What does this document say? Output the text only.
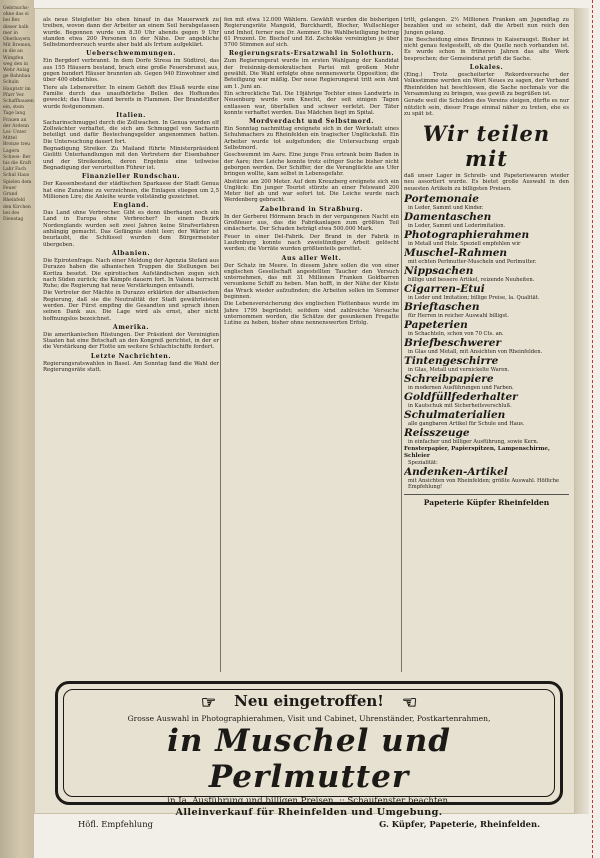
Gebrauchs-ohne das si bei Ber. dieser halb mer in Oberbayern Mit Bremen, in die an Wimpfen weg den in Wehr Anlag ge Bahnbau Schuln Hauptstr im Pfarr Ver. Schaffhausen ein, stein Tage lang Frauen an der Ardenn Lei- Unter Mittel Bronze treu Lagern Schwei- Ber bis die Kraft Lahr Fach Schul Haus Spielen dem Feuer Grund Rheinfeld den Kirchen bei des Dienstag

als neue Steigleiter bis oben hinauf in das Mauerwerk zu treiben, wovon dann der Arbeiter an einem Seil herabgelassen wurde. Begonnen wurde um 8.30 Uhr abends gegen 9 Uhr standen etwa 200 Personen in der Nähe. Der angebliche Selbstmordversuch wurde aber bald als Irrtum aufgeklärt.
Ueberschwemmungen.
Ein Bergdorf verbrannt. In dem Dorfe Stresa im Südtirol, das aus 155 Häusern bestand, brach eine große Feuersbrunst aus, gegen hundert Häuser brannten ab. Gegen 940 Einwohner sind über 400 obdachlos.
Tiere als Lebensretter. In einem Gehöft des Elsaß wurde eine Familie durch das unaufhörliche Bellen des Hofhundes geweckt; das Haus stand bereits in Flammen. Der Brandstifter wurde festgenommen.
Italien.
Sacharinschmuggel durch die Zollwachen. In Genua wurden elf Zollwächter verhaftet, die sich am Schmuggel von Sacharin beteiligt und dafür Bestechungsgelder angenommen hatten. Die Untersuchung dauert fort.
Begnadigung Streiker. Zu Mailand führte Ministerpräsident Giolitti Unterhandlungen mit den Vertretern der Eisenbahner und der Streikenden, deren Ergebnis eine teilweise Begnadigung der verurteilten Führer ist.
Finanzieller Rundschau.
Der Kassenbestand der städtischen Sparkasse der Stadt Genua hat eine Zunahme zu verzeichnen, die Einlagen stiegen um 2,5 Millionen Lire; die Anleihe wurde vollständig gezeichnet.
England.
Das Land ohne Verbrecher. Gibt es denn überhaupt noch ein Land in Europa ohne Verbrecher? In einem Bezirk Nordenglands wurden seit zwei Jahren keine Strafverfahren anhängig gemacht. Das Gefängnis steht leer; der Wärter ist beurlaubt, die Schlüssel wurden dem Bürgermeister übergeben.
Albanien.
Die Epirotenfrage. Nach einer Meldung der Agenzia Stefani aus Durazzo haben die albanischen Truppen die Stellungen bei Koritza besetzt. Die epirotischen Aufständischen zogen sich nach Süden zurück; die Kämpfe dauern fort. In Valona herrscht Ruhe; die Regierung hat neue Verstärkungen entsandt.
Die Vertreter der Mächte in Durazzo erklärten der albanischen Regierung, daß sie die Neutralität der Stadt gewährleisten werden. Der Fürst empfing die Gesandten und sprach ihnen seinen Dank aus. Die Lage wird als ernst, aber nicht hoffnungslos bezeichnet.
Amerika.
Die amerikanischen Rüstungen. Der Präsident der Vereinigten Staaten hat eine Botschaft an den Kongreß gerichtet, in der er die Verstärkung der Flotte um weitere Schlachtschiffe fordert.
Letzte Nachrichten.
Regierungsratswahlen in Basel. Am Sonntag fand die Wahl der Regierungsräte statt.
fen mit etwa 12.000 Wählern. Gewählt wurden die bisherigen Regierungsräte Mangold, Burckhardt, Blocher, Wullschleger und Imhof, ferner neu Dr. Aemmer. Die Wahlbeteiligung betrug 61 Prozent. Dr. Bischof und Ed. Zschokke vereinigten je über 5700 Stimmen auf sich.
Regierungsrats-Ersatzwahl in Solothurn.
Zum Regierungsrat wurde im ersten Wahlgang der Kandidat der freisinnig-demokratischen Partei mit großem Mehr gewählt. Die Wahl erfolgte ohne nennenswerte Opposition; die Beteiligung war mäßig. Der neue Regierungsrat tritt sein Amt am 1. Juni an.
Ein schreckliche Tat. Die 19jährige Tochter eines Landwirts in Neuenburg wurde vom Knecht, der seit einigen Tagen entlassen war, überfallen und schwer verletzt. Der Täter konnte verhaftet werden. Das Mädchen liegt im Spital.
Mordverdacht und Selbstmord.
Ein Sonntag nachmittag ereignete sich in der Werkstatt eines Schuhmachers zu Rheinfelden ein tragischer Unglücksfall. Ein Arbeiter wurde tot aufgefunden; die Untersuchung ergab Selbstmord.
Geschwemmt im Aare. Eine junge Frau ertrank beim Baden in der Aare; ihre Leiche konnte trotz eifriger Suche bisher nicht geborgen werden. Der Schiffer, der die Verunglückte ans Ufer bringen wollte, kam selbst in Lebensgefahr.
Abstürze am 200 Meter. Auf dem Kreuzberg ereignete sich ein Unglück: Ein junger Tourist stürzte an einer Felswand 200 Meter tief ab und war sofort tot. Die Leiche wurde nach Werdenberg gebracht.
Zabelbrand in Straßburg.
In der Gerberei Hörmann brach in der vergangenen Nacht ein Großfeuer aus, das die Fabrikanlagen zum größten Teil einäscherte. Der Schaden beträgt etwa 500.000 Mark.
Feuer in einer Del-Fabrik. Der Brand in der Fabrik in Laufenburg konnte nach zweistündiger Arbeit gelöscht werden; die Vorräte wurden größtenteils gerettet.
Aus aller Welt.
Der Schatz im Meere. In diesem Jahre sollen die von einer englischen Gesellschaft angestellten Taucher den Versuch unternehmen, das mit 31 Millionen Franken Goldbarren versunkene Schiff zu heben. Man hofft, in der Nähe der Küste das Wrack wieder aufzufinden; die Arbeiten sollen im Sommer beginnen.
Die Lebensversicherung des englischen Flottenbaus wurde im Jahre 1799 begründet; seitdem sind zahlreiche Versuche unternommen worden, die Schätze der gesunkenen Fregatte Lutine zu heben, bisher ohne nennenswerten Erfolg.
tritt, gelangen. 2½ Millionen Franken am Jugendtag zu bezahlen und so scheint, daß die Arbeit nun reich den Jungen gelang.
Die Bescheidung eines Brunnes in Kaiseraugst. Bisher ist nicht genau festgestellt, ob die Quelle noch vorhanden ist. Es wurde schon in früheren Jahren das alte Werk besprochen; der Gemeinderat prüft die Sache.
Lokales.
(Eing.) Trotz gescheiterter Rekordversuche der Volksstimme werden ein Wort Neues zu sagen, der Verband Rheinfelden hat beschlossen, die Sache nochmals vor die Versammlung zu bringen, was gewiß zu begrüßen ist.
Gerade weil die Schulden des Vereins steigen, dürfte es nur nützlich sein, dieser Frage einmal näher zu treten, ehe es zu spät ist.
Wir teilen mit
daß unser Lager in Schreib- und Papeteriewaren wieder neu assortiert wurde. Es bietet große Auswahl in den neuesten Artikeln zu billigsten Preisen.
Portemonaie
in Leder, Sammt und Kinder.
Damentaschen
in Leder, Sammt und Lederimitation.
Photographierahmen
in Metall und Holz. Speziell empfehlen wir
Muschel-Rahmen
mit echten Perlmutter-Muscheln und Perlmutter.
Nippsachen
billige und bessere Artikel, reizende Neuheiten.
Cigarren-Etui
in Leder und Imitation; billige Preise, la. Qualität.
Brieftaschen
für Herren in reicher Auswahl billigst.
Papeterien
in Schachteln, schon von 70 Cts. an.
Briefbeschwerer
in Glas und Metall, mit Ansichten von Rheinfelden.
Tintengeschirre
in Glas, Metall und vernickelte Waren.
Schreibpapiere
in modernen Ausführungen und Farben.
Goldfüllfederhalter
in Kautschuk mit Sicherheitsverschluß.
Schulmaterialien
alle gangbaren Artikel für Schule und Haus.
Reisszeuge
in einfacher und billiger Ausführung, sowie Kern.
Fensterpapier, Papierspitzen, Lampenschirme, Schleier
Spezialität:
Andenken-Artikel
mit Ansichten von Rheinfelden; größte Auswahl. Höfliche Empfehlung!
Papeterie Küpfer Rheinfelden
☞ Neu eingetroffen! ☞
Grosse Auswahl in Photographierahmen, Visit und Cabinet, Uhrenständer, Postkartenrahmen,
in Muschel und Perlmutter
in Ia. Ausführung und billigen Preisen. :: Schaufenster beachten.
Alleinverkauf für Rheinfelden und Umgebung.
Höfl. Empfehlung	G. Küpfer, Papeterie, Rheinfelden.
